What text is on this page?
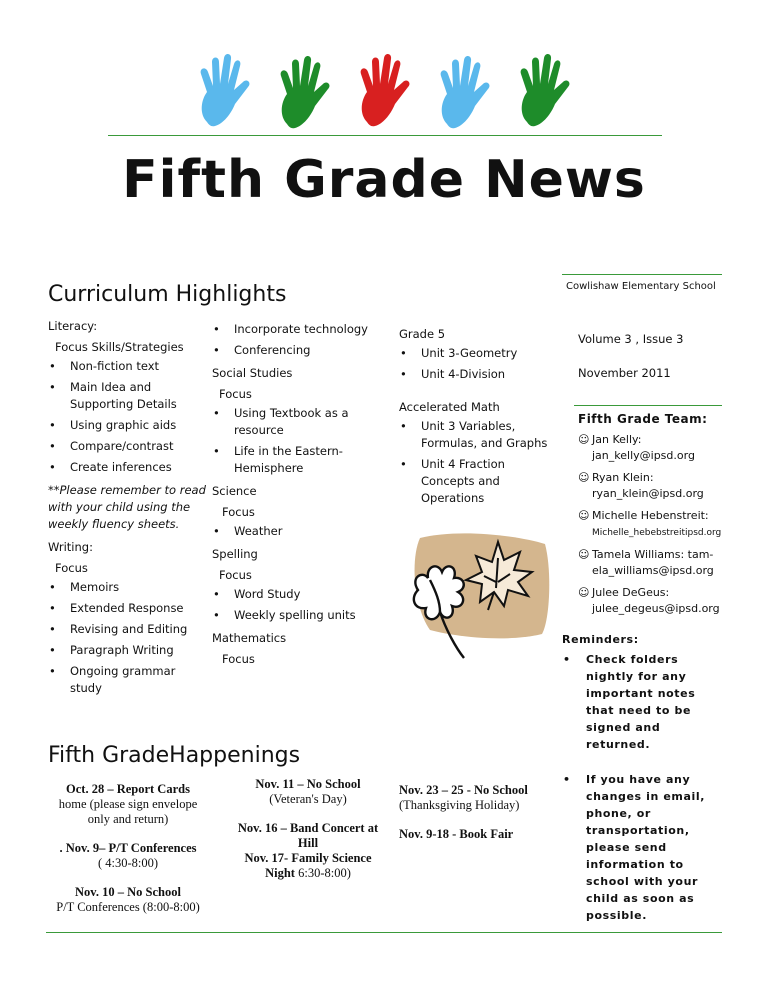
Fifth Grade News
Cowlishaw Elementary School
Volume 3 , Issue 3
November 2011
Fifth Grade Team:
☺ Jan Kelly:
jan_kelly@ipsd.org
☺ Ryan Klein:
ryan_klein@ipsd.org
☺ Michelle Hebenstreit:
Michelle_hebebstreitipsd.org
☺ Tamela Williams: tam-
ela_williams@ipsd.org
☺ Julee DeGeus:
julee_degeus@ipsd.org
Reminders:
• Check folders nightly for any important notes that need to be signed and returned.
• If you have any changes in email, phone, or transportation, please send information to school with your child as soon as possible.
Curriculum Highlights

Literacy:

Focus Skills/Strategies

• Non-fiction text
• Main Idea and Supporting Details
• Using graphic aids
• Compare/contrast
• Create inferences

**Please remember to read with your child using the weekly fluency sheets.

Writing:

Focus

• Memoirs
• Extended Response
• Revising and Editing
• Paragraph Writing
• Ongoing grammar study
• Incorporate technology
• Conferencing

Social Studies

Focus

• Using Textbook as a resource
• Life in the Eastern-Hemisphere

Science

Focus

• Weather

Spelling

Focus

• Word Study
• Weekly spelling units

Mathematics

Focus

Grade 5

• Unit 3-Geometry
• Unit 4-Division

Accelerated Math

• Unit 3 Variables, Formulas, and Graphs
• Unit 4 Fraction Concepts and Operations
Fifth GradeHappenings
Oct. 28 – Report Cards
home (please sign envelope only and return)
. Nov. 9– P/T Conferences
( 4:30-8:00)
Nov. 10 – No School
P/T Conferences (8:00-8:00)
Nov. 11 – No School
(Veteran's Day)
Nov. 16 – Band Concert at Hill
Nov. 17- Family Science Night 6:30-8:00)
Nov. 23 – 25 - No School
(Thanksgiving Holiday)
Nov. 9-18 - Book Fair
